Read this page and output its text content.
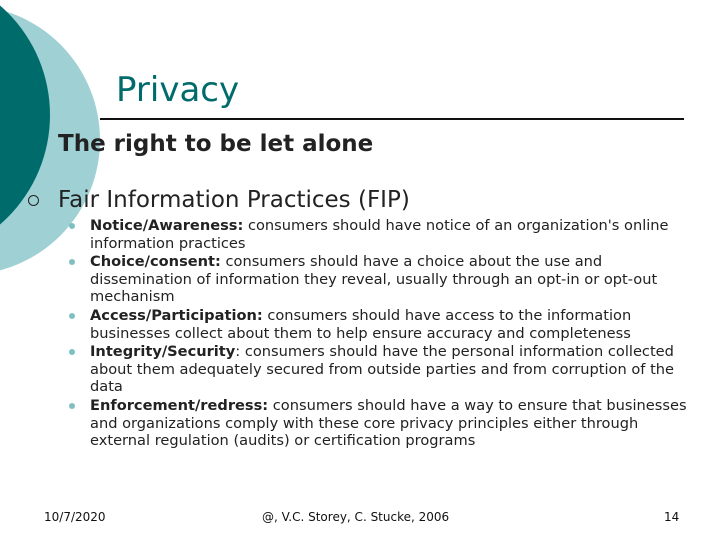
Privacy
The right to be let alone
Fair Information Practices (FIP)
Notice/Awareness: consumers should have notice of an organization's online information practices
Choice/consent: consumers should have a choice about the use and dissemination of information they reveal, usually through an opt-in or opt-out mechanism
Access/Participation: consumers should have access to the information businesses collect about them to help ensure accuracy and completeness
Integrity/Security: consumers should have the personal information collected about them adequately secured from outside parties and from corruption of the data
Enforcement/redress: consumers should have a way to ensure that businesses and organizations comply with these core privacy principles either through external regulation (audits) or certification programs
10/7/2020	@, V.C. Storey, C. Stucke, 2006	14
